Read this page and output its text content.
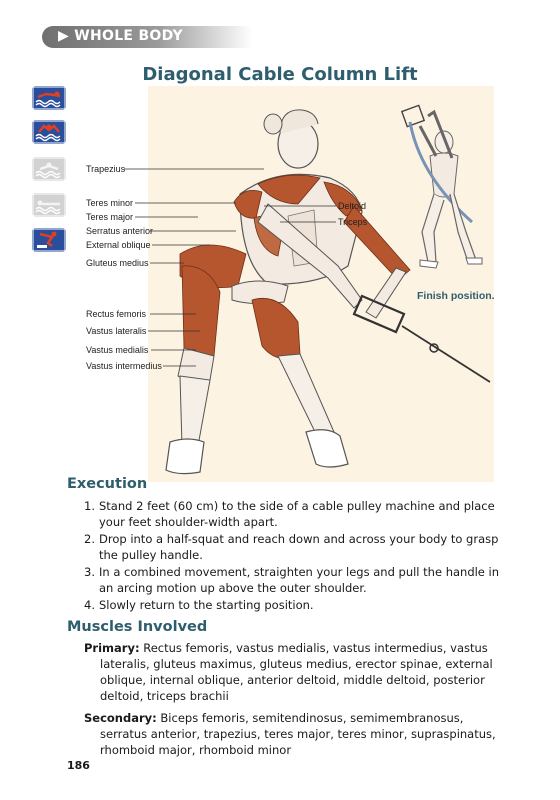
▶ WHOLE BODY
Diagonal Cable Column Lift
Trapezius
Teres minor
Teres major
Serratus anterior
External oblique
Gluteus medius
Rectus femoris
Vastus lateralis
Vastus medialis
Vastus intermedius
Deltoid
Triceps
Finish position.
Execution
1. Stand 2 feet (60 cm) to the side of a cable pulley machine and place your feet shoulder-width apart.
2. Drop into a half-squat and reach down and across your body to grasp the pulley handle.
3. In a combined movement, straighten your legs and pull the handle in an arcing motion up above the outer shoulder.
4. Slowly return to the starting position.
Muscles Involved
Primary: Rectus femoris, vastus medialis, vastus intermedius, vastus lateralis, gluteus maximus, gluteus medius, erector spinae, external oblique, internal oblique, anterior deltoid, middle deltoid, posterior deltoid, triceps brachii
Secondary: Biceps femoris, semitendinosus, semimembranosus, serratus anterior, trapezius, teres major, teres minor, supraspinatus, rhomboid major, rhomboid minor
186
